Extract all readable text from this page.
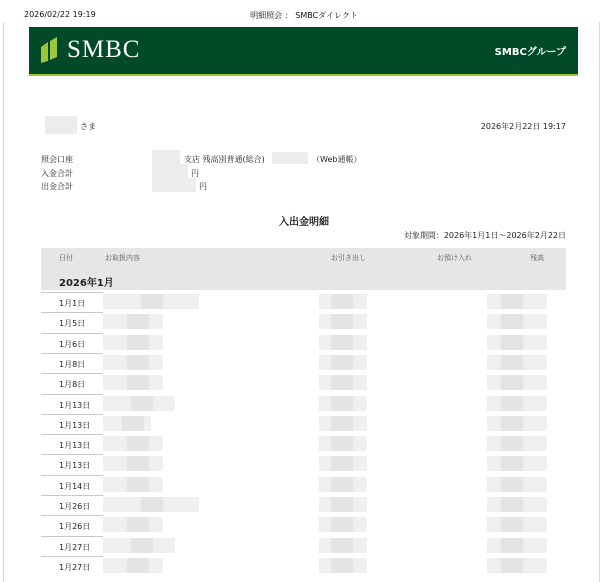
2026/02/22 19:19	明細照会 ： SMBCダイレクト
SMBC	SMBCグループ
さま	2026年2月22日 19:17
照会口座	支店 残高別普通(総合)	（Web通帳）
入金合計	円
出金合計	円
入出金明細
対象期間：2026年1月1日〜2026年2月22日
日付	お取扱内容	お引き出し	お預け入れ	残高
2026年1月
1月1日
1月5日
1月6日
1月8日
1月8日
1月13日
1月13日
1月13日
1月13日
1月14日
1月26日
1月26日
1月27日
1月27日
